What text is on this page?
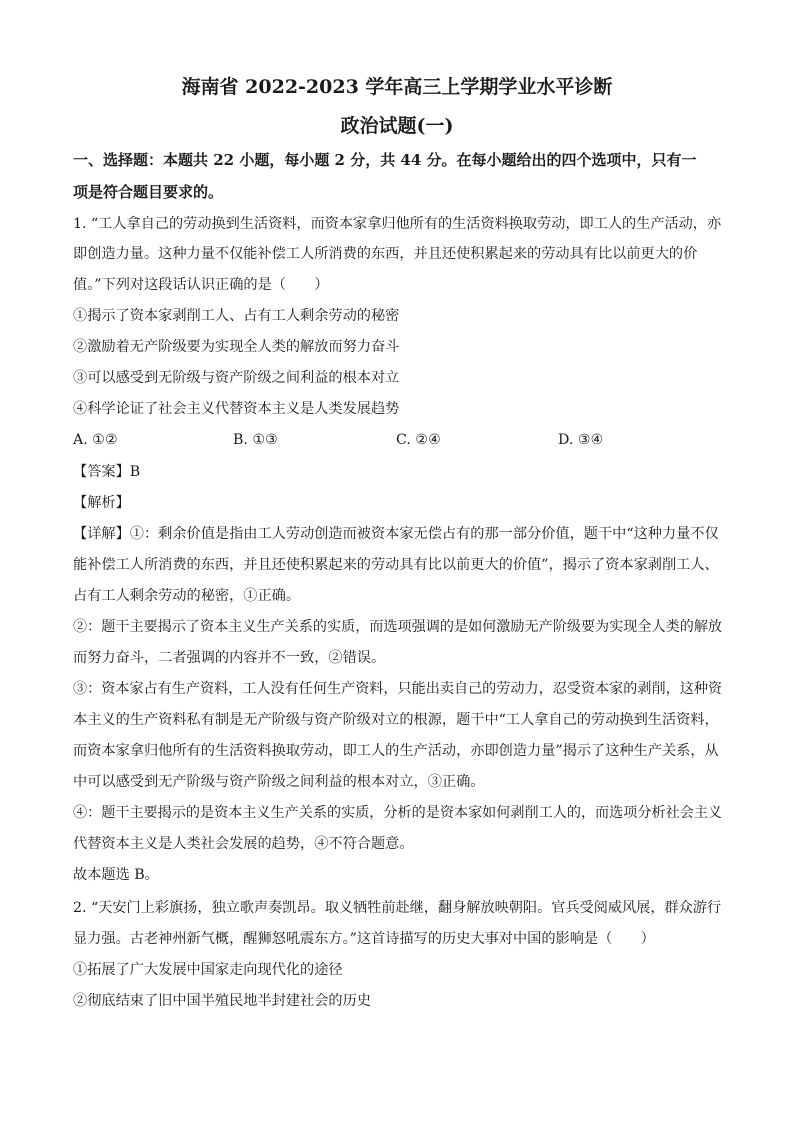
海南省 2022-2023 学年高三上学期学业水平诊断
政治试题(一)
一、选择题：本题共 22 小题，每小题 2 分，共 44 分。在每小题给出的四个选项中，只有一
项是符合题目要求的。
1. “工人拿自己的劳动换到生活资料，而资本家拿归他所有的生活资料换取劳动，即工人的生产活动，亦
即创造力量。这种力量不仅能补偿工人所消费的东西，并且还使积累起来的劳动具有比以前更大的价
值。”下列对这段话认识正确的是（　　）
①揭示了资本家剥削工人、占有工人剩余劳动的秘密
②激励着无产阶级要为实现全人类的解放而努力奋斗
③可以感受到无阶级与资产阶级之间利益的根本对立
④科学论证了社会主义代替资本主义是人类发展趋势
A. ①②	B. ①③	C. ②④	D. ③④
【答案】B
【解析】
【详解】①：剩余价值是指由工人劳动创造而被资本家无偿占有的那一部分价值，题干中“这种力量不仅
能补偿工人所消费的东西，并且还使积累起来的劳动具有比以前更大的价值”，揭示了资本家剥削工人、
占有工人剩余劳动的秘密，①正确。
②：题干主要揭示了资本主义生产关系的实质，而选项强调的是如何激励无产阶级要为实现全人类的解放
而努力奋斗，二者强调的内容并不一致，②错误。
③：资本家占有生产资料，工人没有任何生产资料，只能出卖自己的劳动力，忍受资本家的剥削，这种资
本主义的生产资料私有制是无产阶级与资产阶级对立的根源，题干中“工人拿自己的劳动换到生活资料，
而资本家拿归他所有的生活资料换取劳动，即工人的生产活动，亦即创造力量”揭示了这种生产关系，从
中可以感受到无产阶级与资产阶级之间利益的根本对立，③正确。
④：题干主要揭示的是资本主义生产关系的实质，分析的是资本家如何剥削工人的，而选项分析社会主义
代替资本主义是人类社会发展的趋势，④不符合题意。
故本题选 B。
2. “天安门上彩旗扬，独立歌声奏凯昂。取义牺牲前赴继，翻身解放映朝阳。官兵受阅威风展，群众游行
显力强。古老神州新气概，醒狮怒吼震东方。”这首诗描写的历史大事对中国的影响是（　　）
①拓展了广大发展中国家走向现代化的途径
②彻底结束了旧中国半殖民地半封建社会的历史
